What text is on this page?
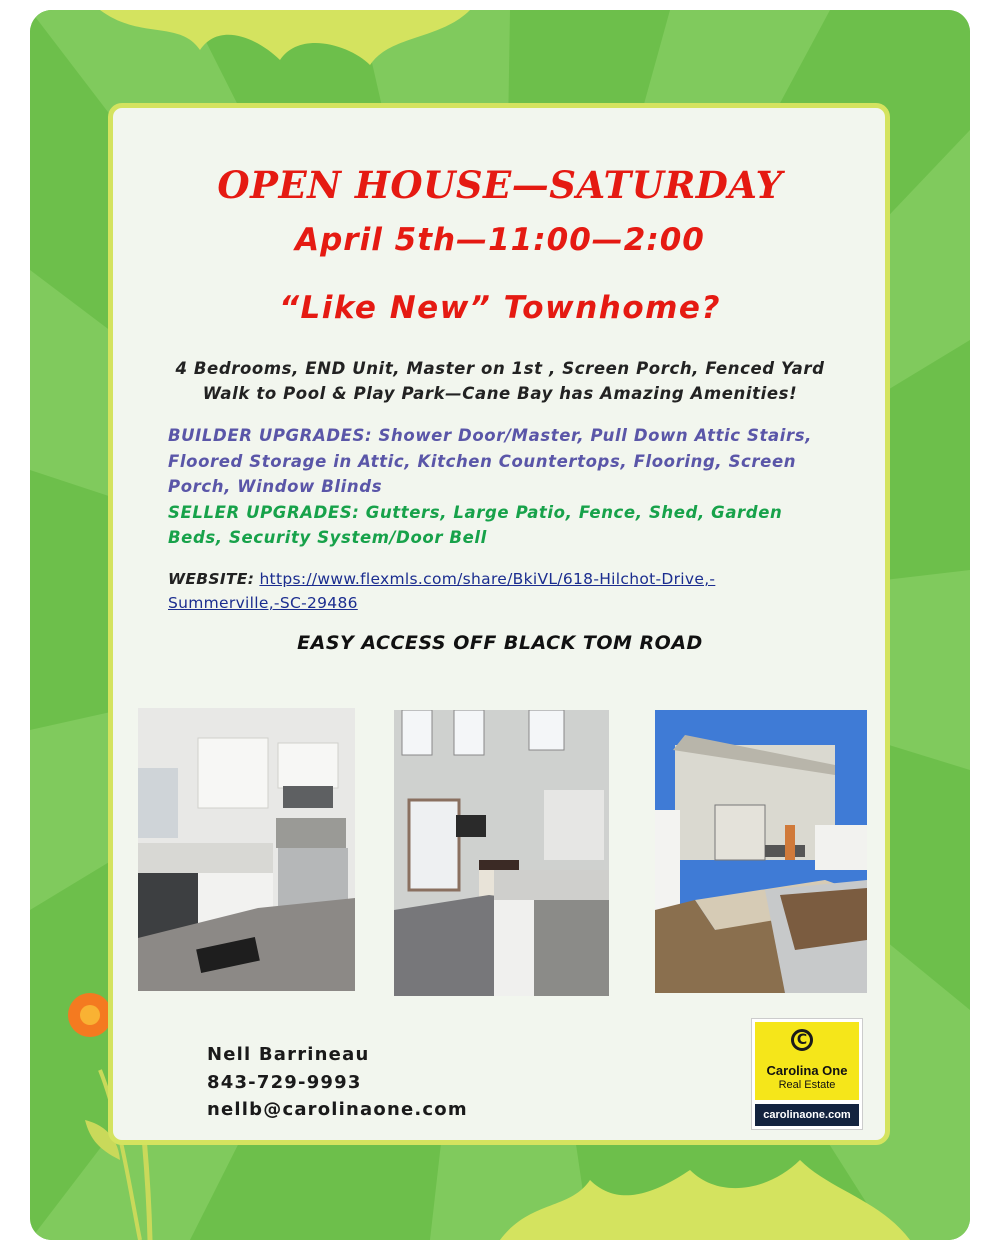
OPEN HOUSE—SATURDAY
April 5th—11:00—2:00
“Like New” Townhome?
4 Bedrooms, END Unit, Master on 1st , Screen Porch, Fenced Yard
Walk to Pool & Play Park—Cane Bay has Amazing Amenities!
BUILDER UPGRADES: Shower Door/Master, Pull Down Attic Stairs, Floored Storage in Attic, Kitchen Countertops, Flooring, Screen Porch, Window Blinds
SELLER UPGRADES: Gutters, Large Patio, Fence, Shed, Garden Beds, Security System/Door Bell
WEBSITE: https://www.flexmls.com/share/BkiVL/618-Hilchot-Drive,-Summerville,-SC-29486
EASY ACCESS OFF BLACK TOM ROAD
Nell Barrineau
843-729-9993
nellb@carolinaone.com
C
Carolina One
Real Estate
carolinaone.com
